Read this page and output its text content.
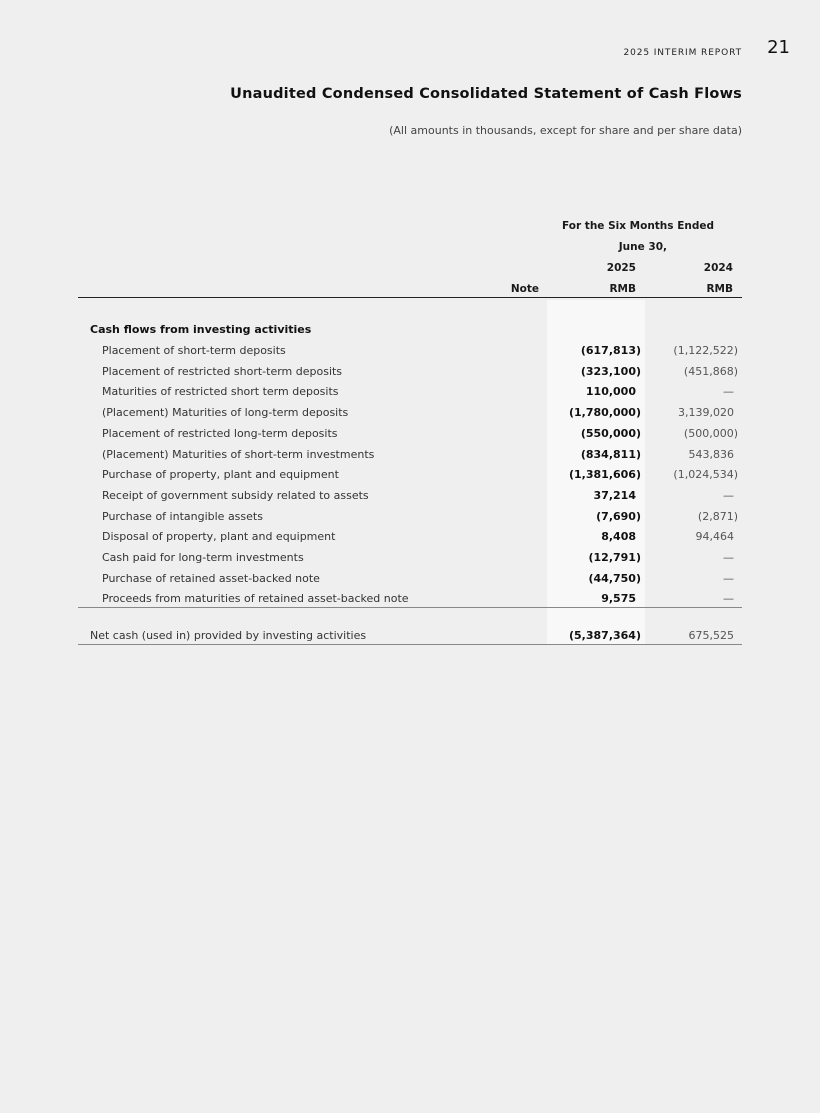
2025 INTERIM REPORT 21
Unaudited Condensed Consolidated Statement of Cash Flows
(All amounts in thousands, except for share and per share data)
For the Six Months Ended
June 30,
2025	2024
Note	RMB	RMB
Cash flows from investing activities
Placement of short-term deposits	(617,813)	(1,122,522)
Placement of restricted short-term deposits	(323,100)	(451,868)
Maturities of restricted short term deposits	110,000	—
(Placement) Maturities of long-term deposits	(1,780,000)	3,139,020
Placement of restricted long-term deposits	(550,000)	(500,000)
(Placement) Maturities of short-term investments	(834,811)	543,836
Purchase of property, plant and equipment	(1,381,606)	(1,024,534)
Receipt of government subsidy related to assets	37,214	—
Purchase of intangible assets	(7,690)	(2,871)
Disposal of property, plant and equipment	8,408	94,464
Cash paid for long-term investments	(12,791)	—
Purchase of retained asset-backed note	(44,750)	—
Proceeds from maturities of retained asset-backed note	9,575	—
Net cash (used in) provided by investing activities	(5,387,364)	675,525
